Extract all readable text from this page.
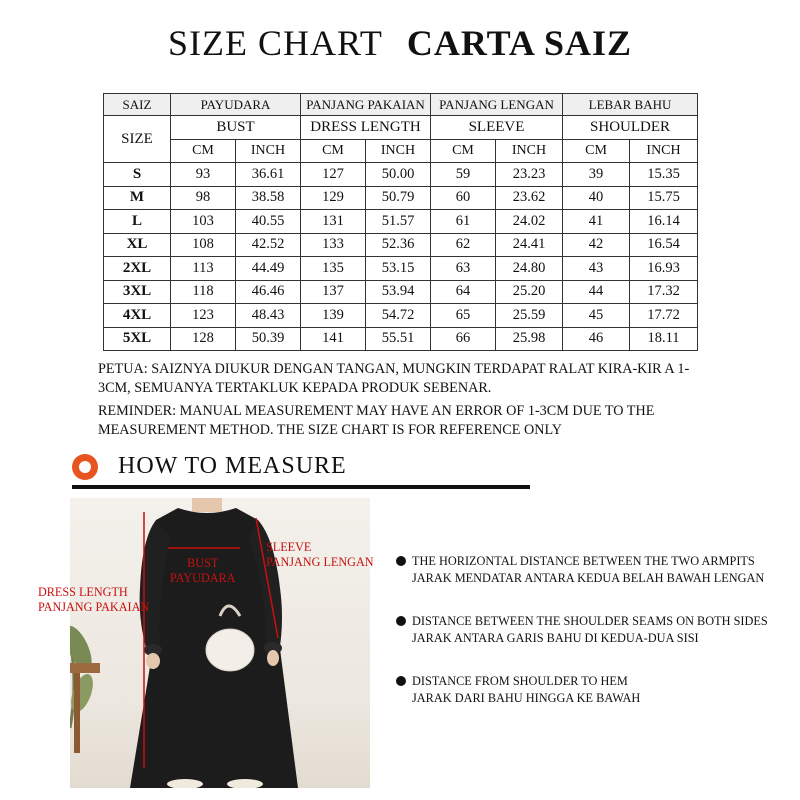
SIZE CHART CARTA SAIZ
SAIZ	PAYUDARA		PANJANG PAKAIAN		PANJANG LENGAN		LEBAR BAHU	
SIZE	BUST		DRESS LENGTH		SLEEVE		SHOULDER	
	CM	INCH	CM	INCH	CM	INCH	CM	INCH
S	93	36.61	127	50.00	59	23.23	39	15.35
M	98	38.58	129	50.79	60	23.62	40	15.75
L	103	40.55	131	51.57	61	24.02	41	16.14
XL	108	42.52	133	52.36	62	24.41	42	16.54
2XL	113	44.49	135	53.15	63	24.80	43	16.93
3XL	118	46.46	137	53.94	64	25.20	44	17.32
4XL	123	48.43	139	54.72	65	25.59	45	17.72
5XL	128	50.39	141	55.51	66	25.98	46	18.11

PETUA: SAIZNYA DIUKUR DENGAN TANGAN, MUNGKIN TERDAPAT RALAT KIRA-KIR A 1-3CM, SEMUANYA TERTAKLUK KEPADA PRODUK SEBENAR.

REMINDER: MANUAL MEASUREMENT MAY HAVE AN ERROR OF 1-3CM DUE TO THE MEASUREMENT METHOD. THE SIZE CHART IS FOR REFERENCE ONLY

HOW TO MEASURE
DRESS LENGTH
PANJANG PAKAIAN
BUST
PAYUDARA
SLEEVE
PANJANG LENGAN	THE HORIZONTAL DISTANCE BETWEEN THE TWO ARMPITS
JARAK MENDATAR ANTARA KEDUA BELAH BAWAH LENGAN
DISTANCE BETWEEN THE SHOULDER SEAMS ON BOTH SIDES
JARAK ANTARA GARIS BAHU DI KEDUA-DUA SISI
DISTANCE FROM SHOULDER TO HEM
JARAK DARI BAHU HINGGA KE BAWAH
